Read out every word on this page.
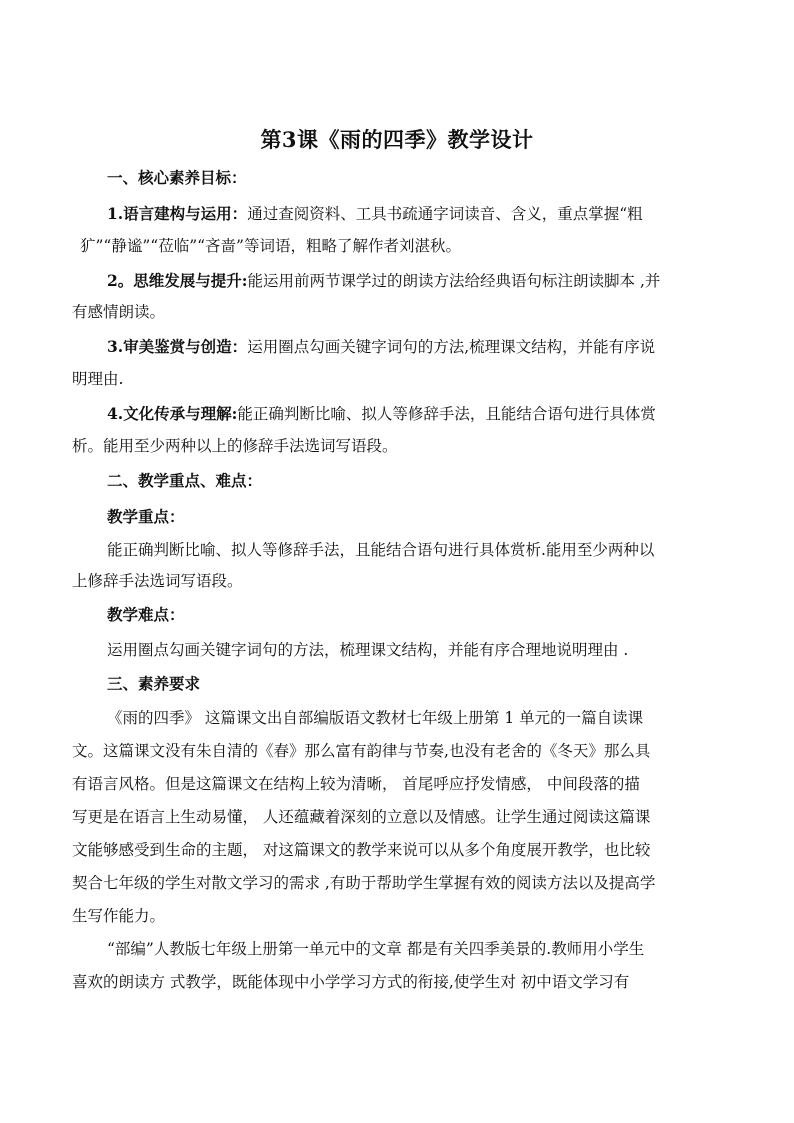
第3课《雨的四季》教学设计
一、核心素养目标：
1.语言建构与运用：通过查阅资料、工具书疏通字词读音、含义，重点掌握“粗
犷”“静谧”“莅临”“吝啬”等词语，粗略了解作者刘湛秋。
2。思维发展与提升:能运用前两节课学过的朗读方法给经典语句标注朗读脚本 ,并
有感情朗读。
3.审美鉴赏与创造：运用圈点勾画关键字词句的方法,梳理课文结构，并能有序说
明理由.
4.文化传承与理解:能正确判断比喻、拟人等修辞手法，且能结合语句进行具体赏
析。能用至少两种以上的修辞手法选词写语段。
二、教学重点、难点：
教学重点：
能正确判断比喻、拟人等修辞手法，且能结合语句进行具体赏析.能用至少两种以
上修辞手法选词写语段。
教学难点：
运用圈点勾画关键字词句的方法，梳理课文结构，并能有序合理地说明理由 .
三、素养要求
《雨的四季》 这篇课文出自部编版语文教材七年级上册第 1 单元的一篇自读课
文。这篇课文没有朱自清的《春》那么富有韵律与节奏,也没有老舍的《冬天》那么具
有语言风格。但是这篇课文在结构上较为清晰， 首尾呼应抒发情感， 中间段落的描
写更是在语言上生动易懂， 人还蕴藏着深刻的立意以及情感。让学生通过阅读这篇课
文能够感受到生命的主题， 对这篇课文的教学来说可以从多个角度展开教学，也比较
契合七年级的学生对散文学习的需求 ,有助于帮助学生掌握有效的阅读方法以及提高学
生写作能力。
“部编”人教版七年级上册第一单元中的文章 都是有关四季美景的.教师用小学生
喜欢的朗读方 式教学，既能体现中小学学习方式的衔接,使学生对 初中语文学习有
